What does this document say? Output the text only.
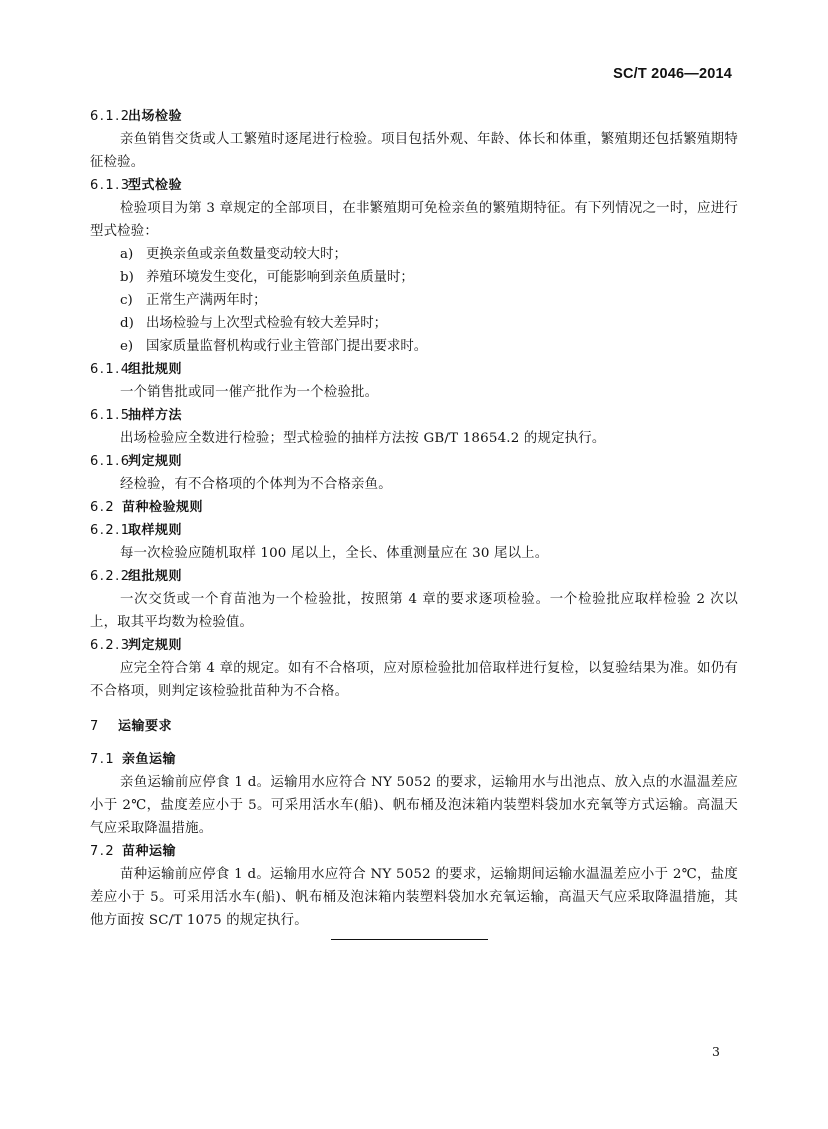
SC/T 2046—2014
6.1.2出场检验
亲鱼销售交货或人工繁殖时逐尾进行检验。项目包括外观、年龄、体长和体重，繁殖期还包括繁殖期特征检验。
6.1.3型式检验
检验项目为第 3 章规定的全部项目，在非繁殖期可免检亲鱼的繁殖期特征。有下列情况之一时，应进行型式检验：
a) 更换亲鱼或亲鱼数量变动较大时；
b) 养殖环境发生变化，可能影响到亲鱼质量时；
c) 正常生产满两年时；
d) 出场检验与上次型式检验有较大差异时；
e) 国家质量监督机构或行业主管部门提出要求时。
6.1.4组批规则
一个销售批或同一催产批作为一个检验批。
6.1.5抽样方法
出场检验应全数进行检验；型式检验的抽样方法按 GB/T 18654.2 的规定执行。
6.1.6判定规则
经检验，有不合格项的个体判为不合格亲鱼。
6.2 苗种检验规则
6.2.1取样规则
每一次检验应随机取样 100 尾以上，全长、体重测量应在 30 尾以上。
6.2.2组批规则
一次交货或一个育苗池为一个检验批，按照第 4 章的要求逐项检验。一个检验批应取样检验 2 次以上，取其平均数为检验值。
6.2.3判定规则
应完全符合第 4 章的规定。如有不合格项，应对原检验批加倍取样进行复检，以复验结果为准。如仍有不合格项，则判定该检验批苗种为不合格。
7 运输要求
7.1 亲鱼运输
亲鱼运输前应停食 1 d。运输用水应符合 NY 5052 的要求，运输用水与出池点、放入点的水温温差应小于 2℃，盐度差应小于 5。可采用活水车(船)、帆布桶及泡沫箱内装塑料袋加水充氧等方式运输。高温天气应采取降温措施。
7.2 苗种运输
苗种运输前应停食 1 d。运输用水应符合 NY 5052 的要求，运输期间运输水温温差应小于 2℃，盐度差应小于 5。可采用活水车(船)、帆布桶及泡沫箱内装塑料袋加水充氧运输，高温天气应采取降温措施，其他方面按 SC/T 1075 的规定执行。
3
